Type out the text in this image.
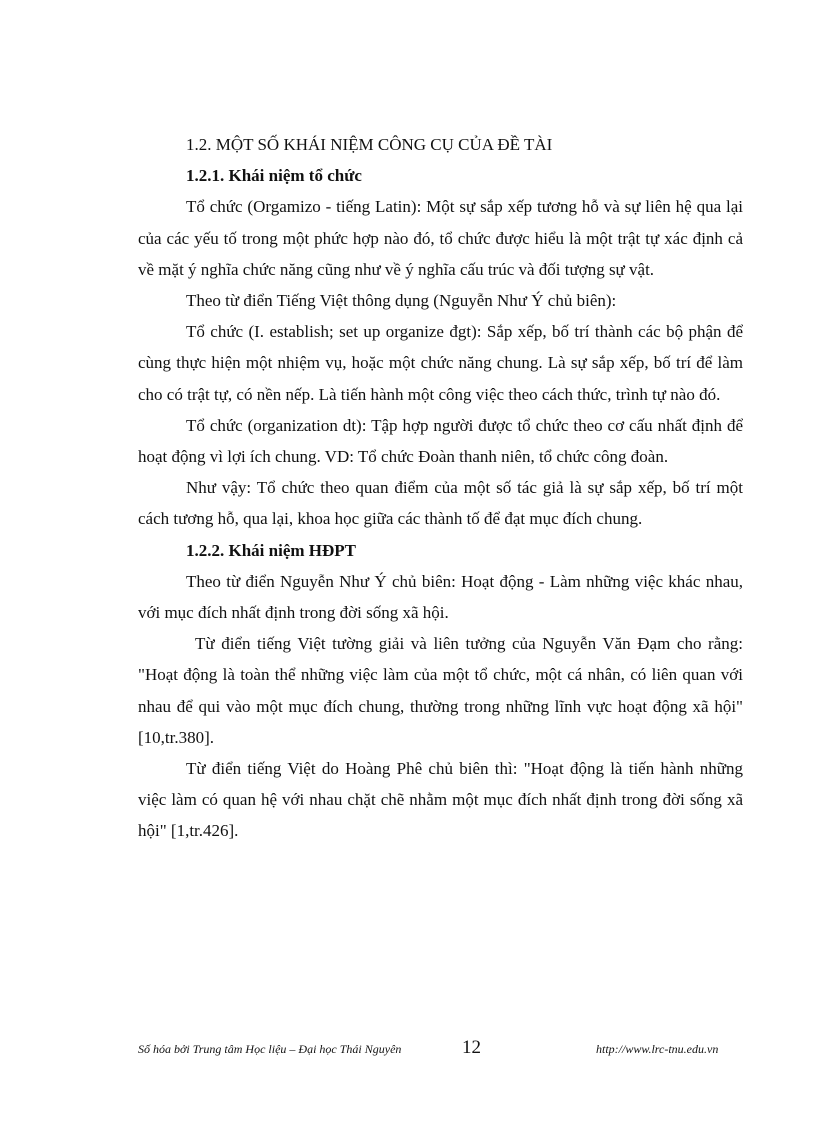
1.2. MỘT SỐ KHÁI NIỆM CÔNG CỤ CỦA ĐỀ TÀI

1.2.1. Khái niệm tổ chức

Tổ chức (Orgamizo - tiếng Latin): Một sự sắp xếp tương hỗ và sự liên hệ qua lại của các yếu tố trong một phức hợp nào đó, tổ chức được hiểu là một trật tự xác định cả về mặt ý nghĩa chức năng cũng như về ý nghĩa cấu trúc và đối tượng sự vật.

Theo từ điển Tiếng Việt thông dụng (Nguyễn Như Ý chủ biên):

Tổ chức (I. establish; set up organize đgt): Sắp xếp, bố trí thành các bộ phận để cùng thực hiện một nhiệm vụ, hoặc một chức năng chung. Là sự sắp xếp, bố trí để làm cho có trật tự, có nền nếp. Là tiến hành một công việc theo cách thức, trình tự nào đó.

Tổ chức (organization dt): Tập hợp người được tổ chức theo cơ cấu nhất định để hoạt động vì lợi ích chung. VD: Tổ chức Đoàn thanh niên, tổ chức công đoàn.

Như vậy: Tổ chức theo quan điểm của một số tác giả là sự sắp xếp, bố trí một cách tương hỗ, qua lại, khoa học giữa các thành tố để đạt mục đích chung.

1.2.2. Khái niệm HĐPT

Theo từ điển Nguyễn Như Ý chủ biên: Hoạt động - Làm những việc khác nhau, với mục đích nhất định trong đời sống xã hội.

Từ điển tiếng Việt tường giải và liên tưởng của Nguyễn Văn Đạm cho rằng: "Hoạt động là toàn thể những việc làm của một tổ chức, một cá nhân, có liên quan với nhau để qui vào một mục đích chung, thường trong những lĩnh vực hoạt động xã hội" [10,tr.380].

Từ điển tiếng Việt do Hoàng Phê chủ biên thì: "Hoạt động là tiến hành những việc làm có quan hệ với nhau chặt chẽ nhằm một mục đích nhất định trong đời sống xã hội" [1,tr.426].

Số hóa bởi Trung tâm Học liệu – Đại học Thái Nguyên	12	http://www.lrc-tnu.edu.vn
